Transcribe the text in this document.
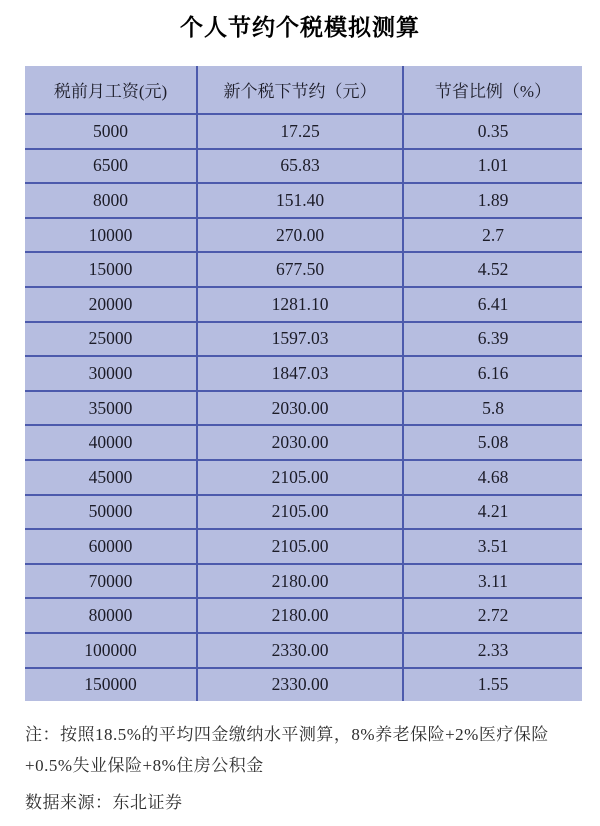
个人节约个税模拟测算
税前月工资(元)	新个税下节约（元）	节省比例（%）
5000	17.25	0.35
6500	65.83	1.01
8000	151.40	1.89
10000	270.00	2.7
15000	677.50	4.52
20000	1281.10	6.41
25000	1597.03	6.39
30000	1847.03	6.16
35000	2030.00	5.8
40000	2030.00	5.08
45000	2105.00	4.68
50000	2105.00	4.21
60000	2105.00	3.51
70000	2180.00	3.11
80000	2180.00	2.72
100000	2330.00	2.33
150000	2330.00	1.55

注：按照18.5%的平均四金缴纳水平测算，8%养老保险+2%医疗保险+0.5%失业保险+8%住房公积金

数据来源：东北证券
